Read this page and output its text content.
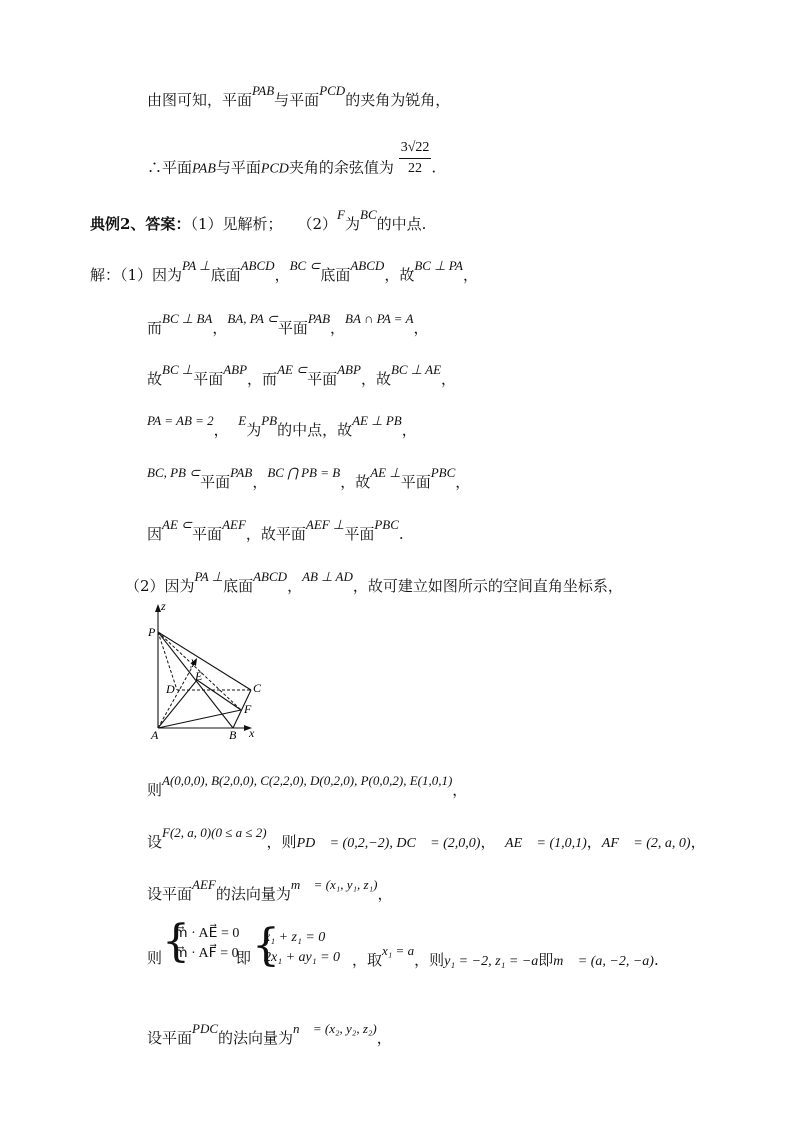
由图可知，平面PAB与平面PCD的夹角为锐角，
∴平面PAB与平面PCD夹角的余弦值为 $\frac{3√22}{22}$ .
典例2、答案：（1）见解析；　　（2）F为BC的中点.
解：（1）因为PA ⊥底面ABCD，BC ⊂底面ABCD，故BC ⊥ PA，
而BC ⊥ BA，BA, PA ⊂平面PAB，BA ∩ PA = A，
故BC ⊥平面ABP，而AE ⊂平面ABP，故BC ⊥ AE，
PA = AB = 2，  E为PB的中点，故AE ⊥ PB，
BC, PB ⊂平面PAB，BC ⋂ PB = B，故AE ⊥平面PBC，
因AE ⊂平面AEF，故平面AEF ⊥平面PBC.
（2）因为PA ⊥底面ABCD，AB ⊥ AD，故可建立如图所示的空间直角坐标系，
z
P
y
E
D	C
F
A	B x
则A(0,0,0), B(2,0,0), C(2,2,0), D(0,2,0), P(0,0,2), E(1,0,1)，
设F(2, a, 0)(0 ≤ a ≤ 2)，则PD⃗ = (0,2,−2), DC⃗ = (2,0,0)， AE⃗ = (1,0,1)，AF⃗ = (2, a, 0)，
设平面AEF的法向量为m⃗ = (x₁, y₁, z₁)，
则 {
m⃗ · AE⃗ = 0
m⃗ · AF⃗ = 0
即 {
x₁ + z₁ = 0
2x₁ + ay₁ = 0 ，取x₁ = a，则y₁ = −2, z₁ = −a即m⃗ = (a, −2, −a).
设平面PDC的法向量为n⃗ = (x₂, y₂, z₂)，
